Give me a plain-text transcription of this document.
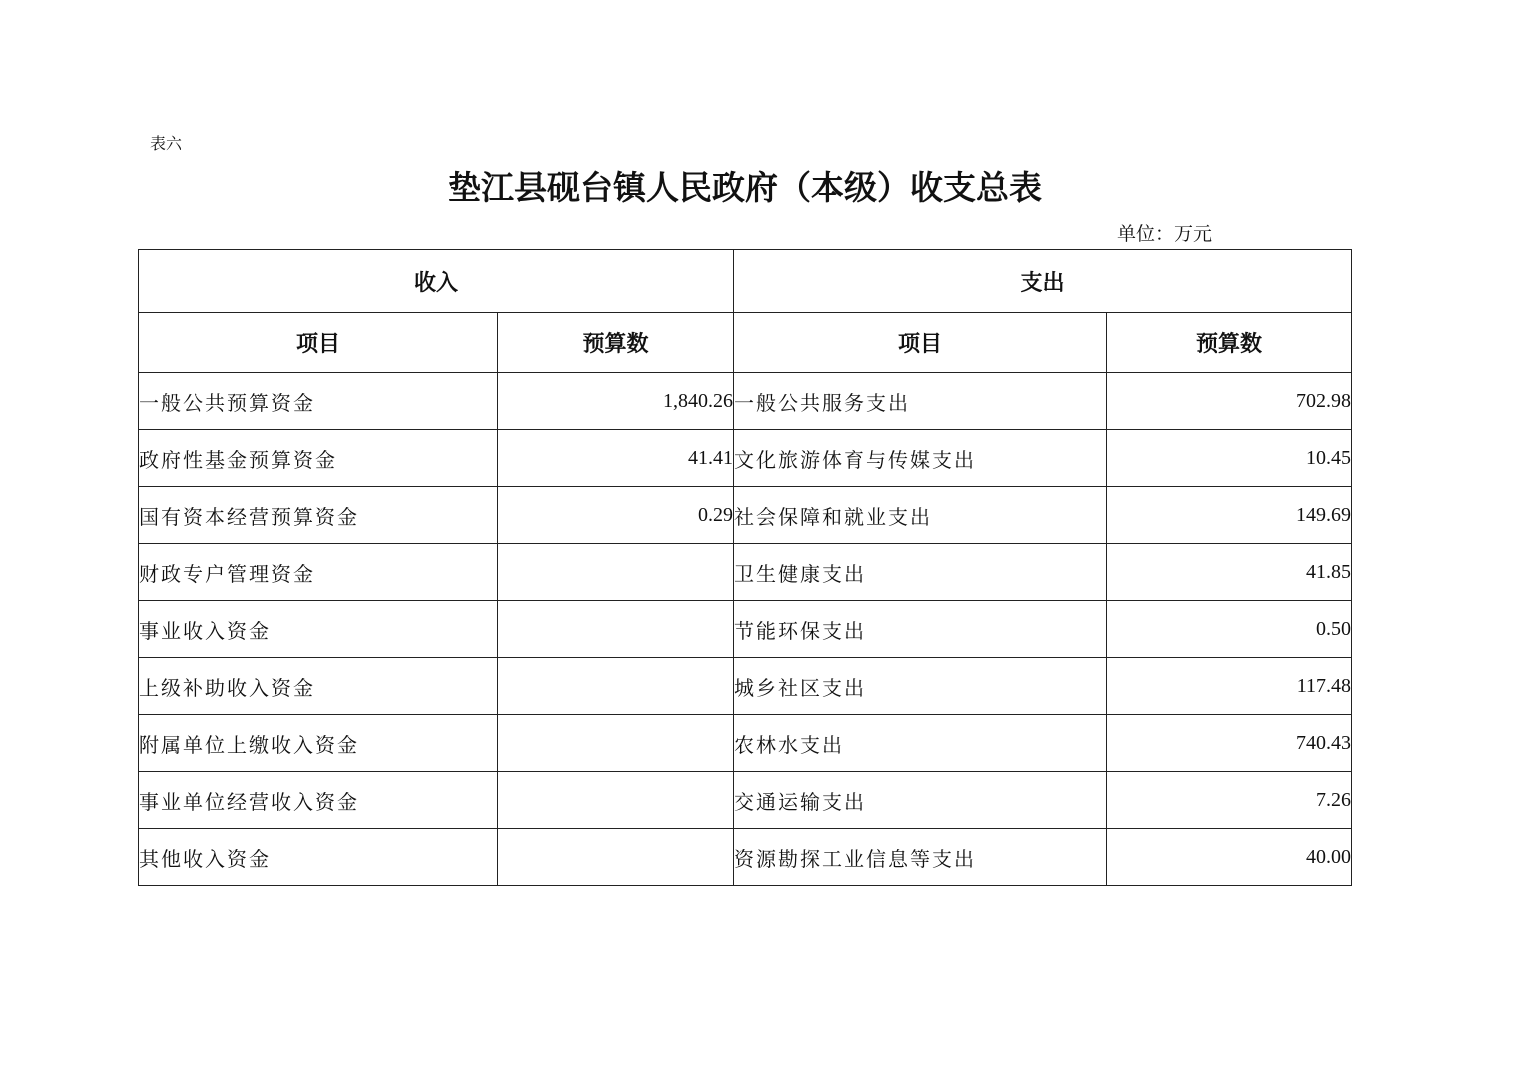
表六
垫江县砚台镇人民政府（本级）收支总表
单位：万元
收入		支出	
项目	预算数	项目	预算数
一般公共预算资金	1,840.26	一般公共服务支出	702.98
政府性基金预算资金	41.41	文化旅游体育与传媒支出	10.45
国有资本经营预算资金	0.29	社会保障和就业支出	149.69
财政专户管理资金		卫生健康支出	41.85
事业收入资金		节能环保支出	0.50
上级补助收入资金		城乡社区支出	117.48
附属单位上缴收入资金		农林水支出	740.43
事业单位经营收入资金		交通运输支出	7.26
其他收入资金		资源勘探工业信息等支出	40.00
